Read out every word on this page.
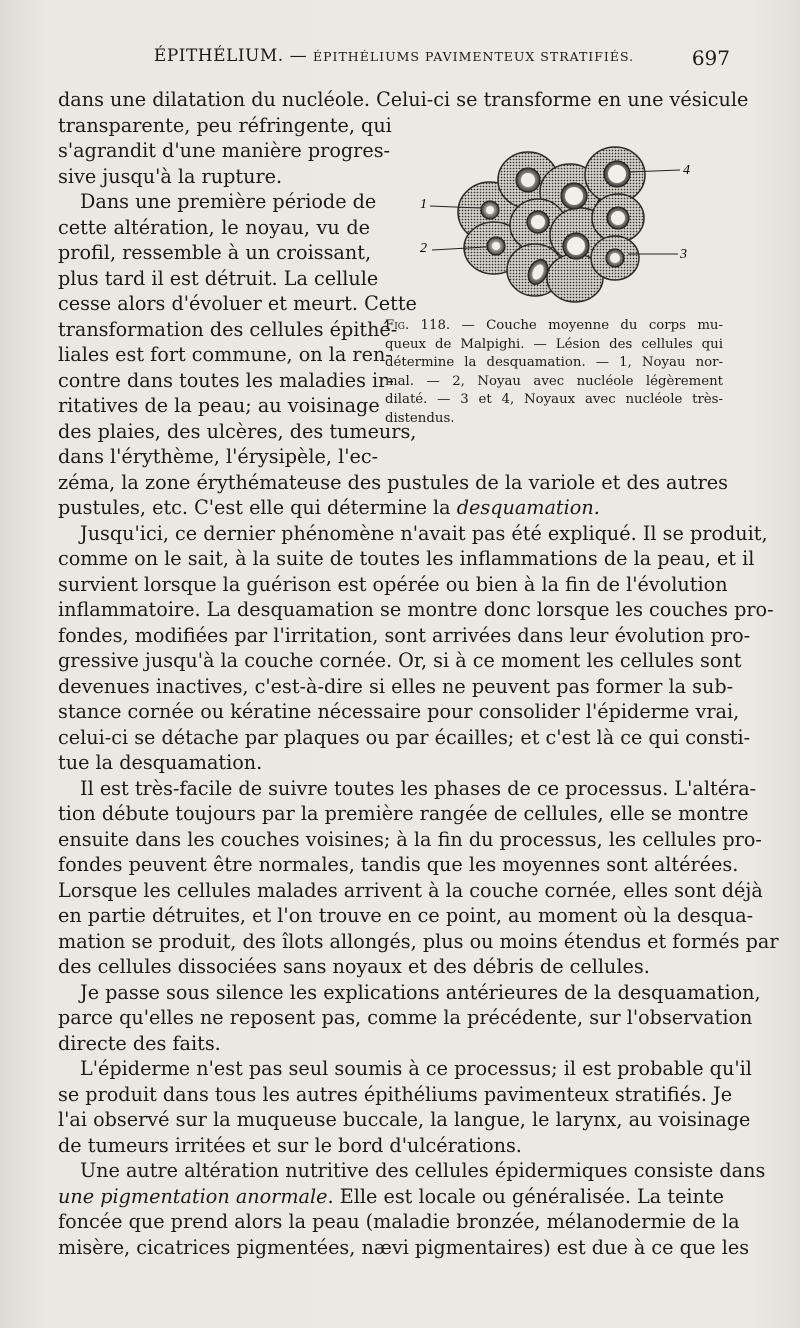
ÉPITHÉLIUM. — ÉPITHÉLIUMS PAVIMENTEUX STRATIFIÉS.	697
dans une dilatation du nucléole. Celui-ci se transforme en une vésicule
transparente, peu réfringente, qui
s'agrandit d'une manière progres-
sive jusqu'à la rupture.
Dans une première période de
cette altération, le noyau, vu de
profil, ressemble à un croissant,
plus tard il est détruit. La cellule
cesse alors d'évoluer et meurt. Cette
transformation des cellules épithé-
liales est fort commune, on la ren-
contre dans toutes les maladies ir-
ritatives de la peau; au voisinage
des plaies, des ulcères, des tumeurs,
dans l'érythème, l'érysipèle, l'ec-
1
2	3
4
Fig. 118. — Couche moyenne du corps mu-
queux de Malpighi. — Lésion des cellules qui
détermine la desquamation. — 1, Noyau nor-
mal. — 2, Noyau avec nucléole légèrement
dilaté. — 3 et 4, Noyaux avec nucléole très-
distendus.
zéma, la zone érythémateuse des pustules de la variole et des autres
pustules, etc. C'est elle qui détermine la desquamation.
Jusqu'ici, ce dernier phénomène n'avait pas été expliqué. Il se produit,
comme on le sait, à la suite de toutes les inflammations de la peau, et il
survient lorsque la guérison est opérée ou bien à la fin de l'évolution
inflammatoire. La desquamation se montre donc lorsque les couches pro-
fondes, modifiées par l'irritation, sont arrivées dans leur évolution pro-
gressive jusqu'à la couche cornée. Or, si à ce moment les cellules sont
devenues inactives, c'est-à-dire si elles ne peuvent pas former la sub-
stance cornée ou kératine nécessaire pour consolider l'épiderme vrai,
celui-ci se détache par plaques ou par écailles; et c'est là ce qui consti-
tue la desquamation.
Il est très-facile de suivre toutes les phases de ce processus. L'altéra-
tion débute toujours par la première rangée de cellules, elle se montre
ensuite dans les couches voisines; à la fin du processus, les cellules pro-
fondes peuvent être normales, tandis que les moyennes sont altérées.
Lorsque les cellules malades arrivent à la couche cornée, elles sont déjà
en partie détruites, et l'on trouve en ce point, au moment où la desqua-
mation se produit, des îlots allongés, plus ou moins étendus et formés par
des cellules dissociées sans noyaux et des débris de cellules.
Je passe sous silence les explications antérieures de la desquamation,
parce qu'elles ne reposent pas, comme la précédente, sur l'observation
directe des faits.
L'épiderme n'est pas seul soumis à ce processus; il est probable qu'il
se produit dans tous les autres épithéliums pavimenteux stratifiés. Je
l'ai observé sur la muqueuse buccale, la langue, le larynx, au voisinage
de tumeurs irritées et sur le bord d'ulcérations.
Une autre altération nutritive des cellules épidermiques consiste dans
une pigmentation anormale. Elle est locale ou généralisée. La teinte
foncée que prend alors la peau (maladie bronzée, mélanodermie de la
misère, cicatrices pigmentées, nævi pigmentaires) est due à ce que les
